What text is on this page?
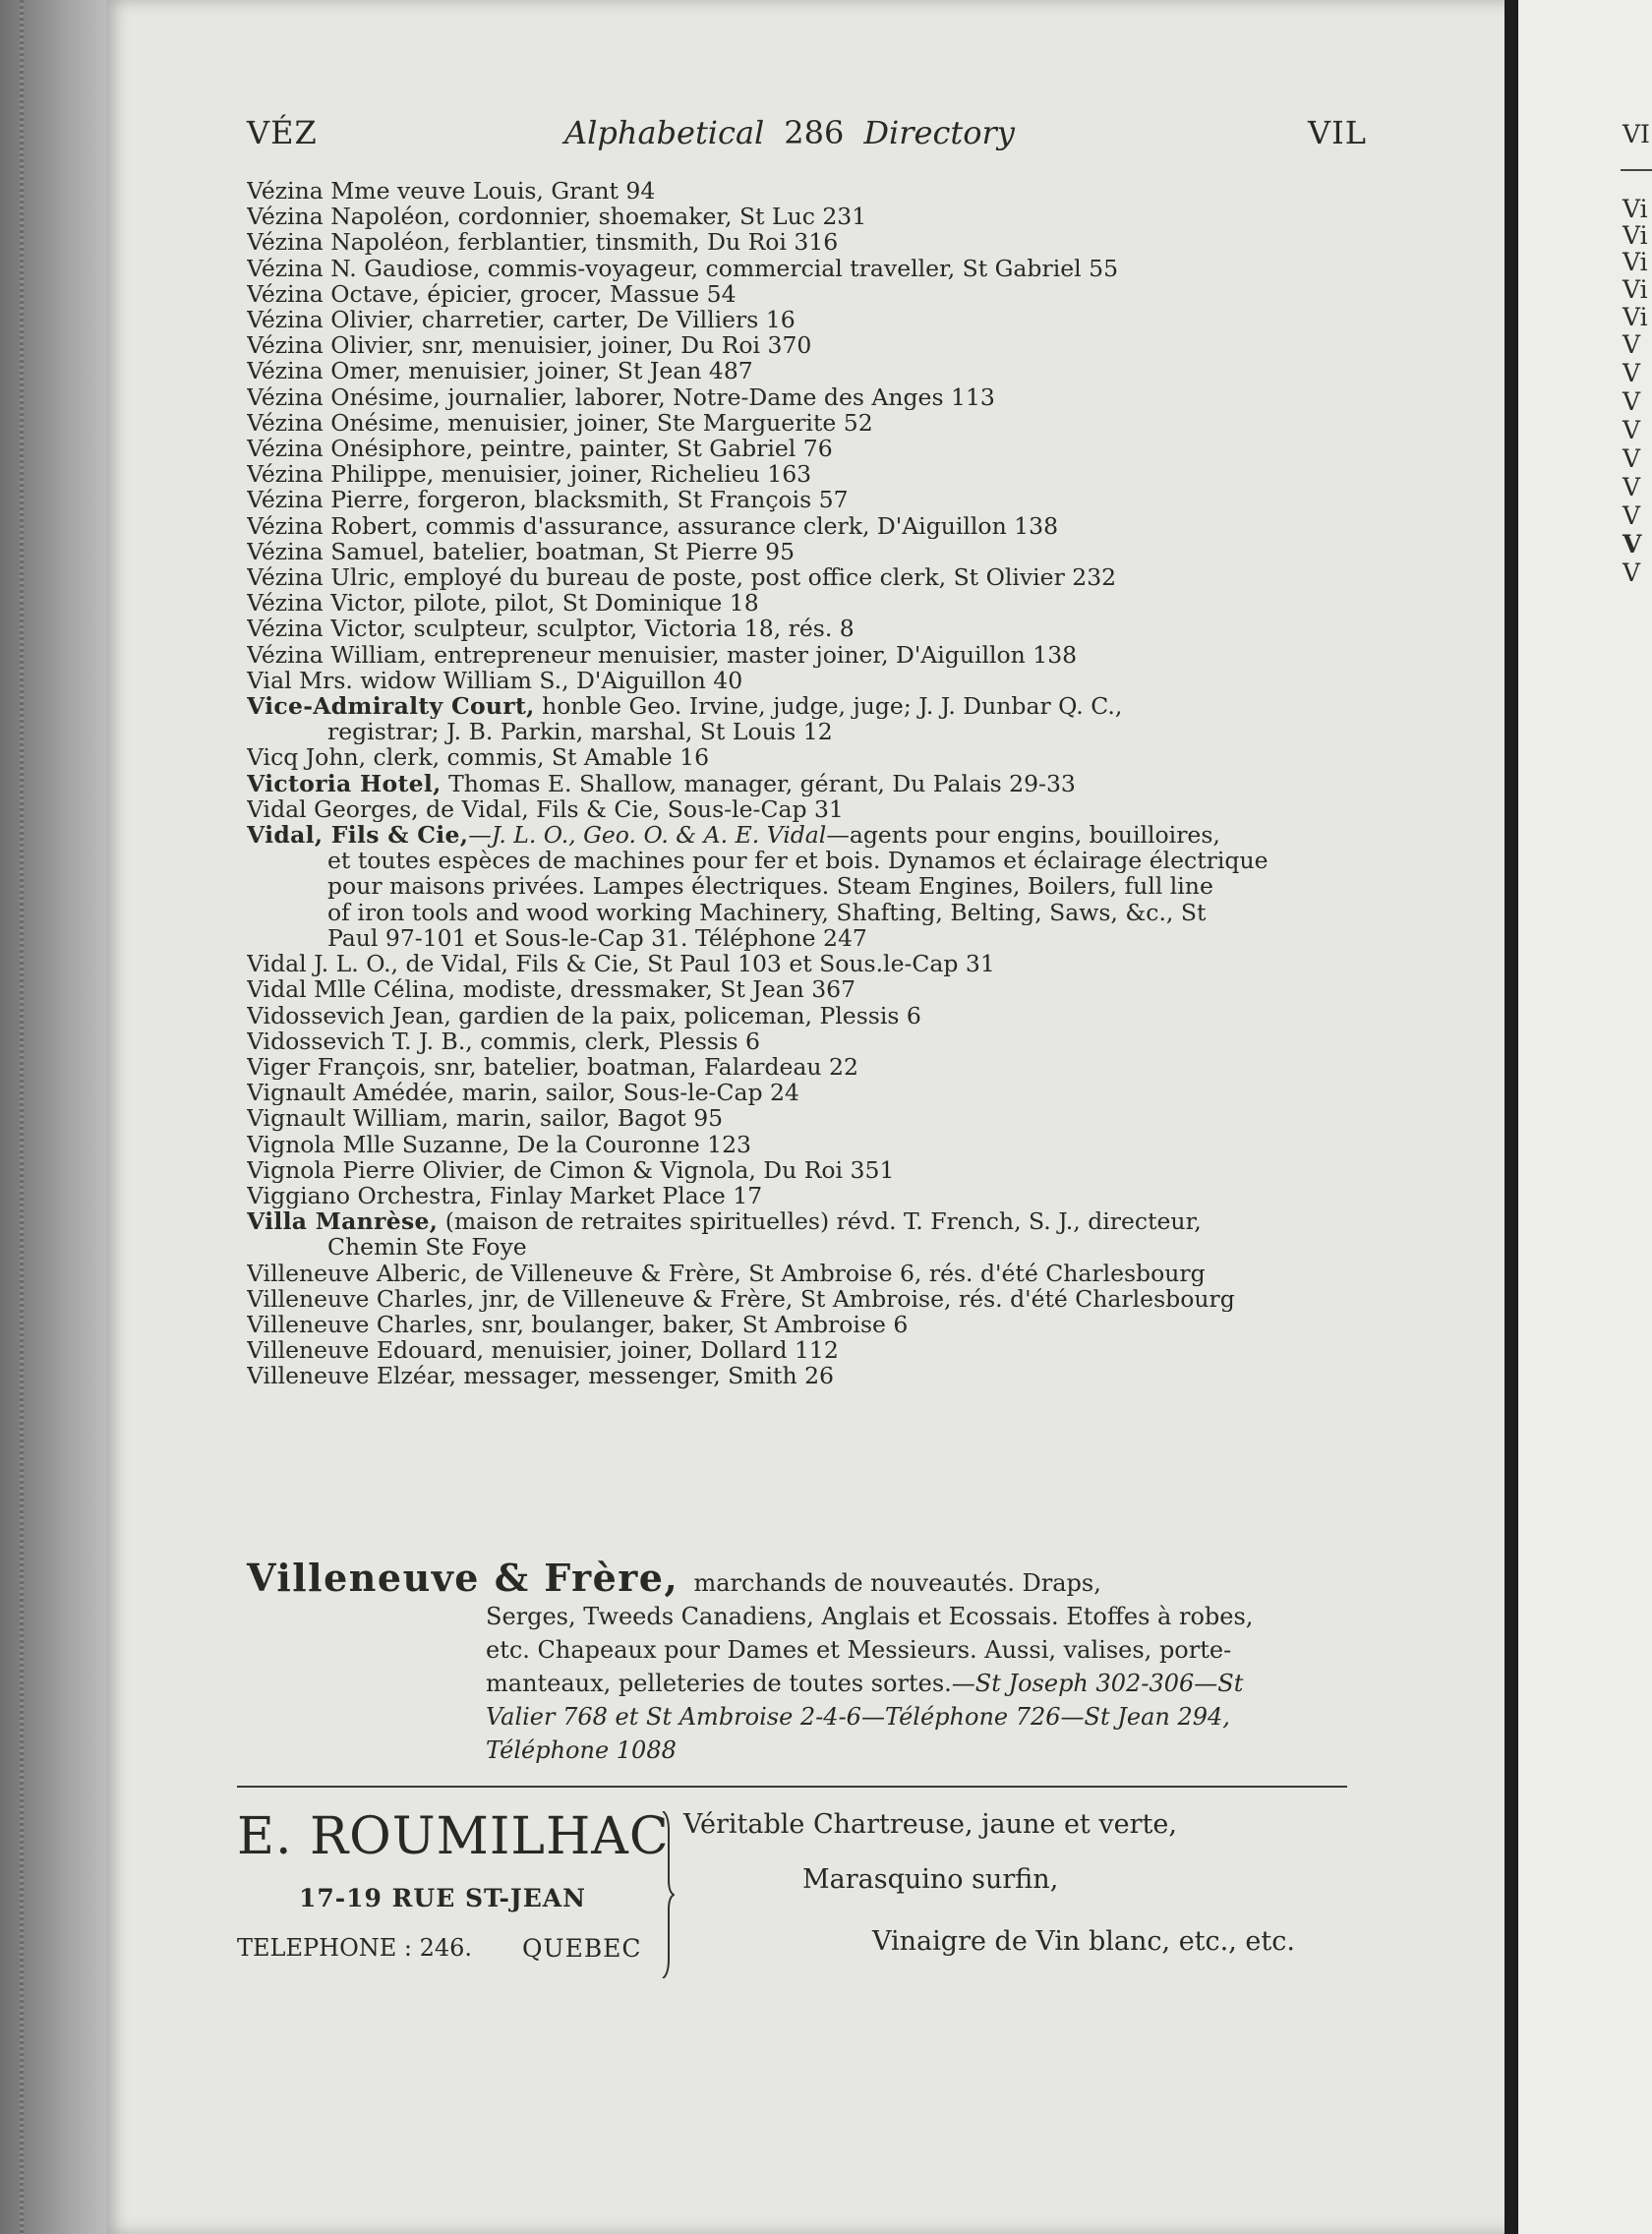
VI
Vi
Vi
Vi
Vi
Vi
V
V
V
V
V
V
V
V
V
VÉZ	Alphabetical 286 Directory	VIL
Vézina Mme veuve Louis, Grant 94
Vézina Napoléon, cordonnier, shoemaker, St Luc 231
Vézina Napoléon, ferblantier, tinsmith, Du Roi 316
Vézina N. Gaudiose, commis-voyageur, commercial traveller, St Gabriel 55
Vézina Octave, épicier, grocer, Massue 54
Vézina Olivier, charretier, carter, De Villiers 16
Vézina Olivier, snr, menuisier, joiner, Du Roi 370
Vézina Omer, menuisier, joiner, St Jean 487
Vézina Onésime, journalier, laborer, Notre-Dame des Anges 113
Vézina Onésime, menuisier, joiner, Ste Marguerite 52
Vézina Onésiphore, peintre, painter, St Gabriel 76
Vézina Philippe, menuisier, joiner, Richelieu 163
Vézina Pierre, forgeron, blacksmith, St François 57
Vézina Robert, commis d'assurance, assurance clerk, D'Aiguillon 138
Vézina Samuel, batelier, boatman, St Pierre 95
Vézina Ulric, employé du bureau de poste, post office clerk, St Olivier 232
Vézina Victor, pilote, pilot, St Dominique 18
Vézina Victor, sculpteur, sculptor, Victoria 18, rés. 8
Vézina William, entrepreneur menuisier, master joiner, D'Aiguillon 138
Vial Mrs. widow William S., D'Aiguillon 40
Vice-Admiralty Court, honble Geo. Irvine, judge, juge; J. J. Dunbar Q. C.,
registrar; J. B. Parkin, marshal, St Louis 12
Vicq John, clerk, commis, St Amable 16
Victoria Hotel, Thomas E. Shallow, manager, gérant, Du Palais 29-33
Vidal Georges, de Vidal, Fils & Cie, Sous-le-Cap 31
Vidal, Fils & Cie,—J. L. O., Geo. O. & A. E. Vidal—agents pour engins, bouilloires,
et toutes espèces de machines pour fer et bois. Dynamos et éclairage électrique
pour maisons privées. Lampes électriques. Steam Engines, Boilers, full line
of iron tools and wood working Machinery, Shafting, Belting, Saws, &c., St
Paul 97-101 et Sous-le-Cap 31. Téléphone 247
Vidal J. L. O., de Vidal, Fils & Cie, St Paul 103 et Sous.le-Cap 31
Vidal Mlle Célina, modiste, dressmaker, St Jean 367
Vidossevich Jean, gardien de la paix, policeman, Plessis 6
Vidossevich T. J. B., commis, clerk, Plessis 6
Viger François, snr, batelier, boatman, Falardeau 22
Vignault Amédée, marin, sailor, Sous-le-Cap 24
Vignault William, marin, sailor, Bagot 95
Vignola Mlle Suzanne, De la Couronne 123
Vignola Pierre Olivier, de Cimon & Vignola, Du Roi 351
Viggiano Orchestra, Finlay Market Place 17
Villa Manrèse, (maison de retraites spirituelles) révd. T. French, S. J., directeur,
Chemin Ste Foye
Villeneuve Alberic, de Villeneuve & Frère, St Ambroise 6, rés. d'été Charlesbourg
Villeneuve Charles, jnr, de Villeneuve & Frère, St Ambroise, rés. d'été Charlesbourg
Villeneuve Charles, snr, boulanger, baker, St Ambroise 6
Villeneuve Edouard, menuisier, joiner, Dollard 112
Villeneuve Elzéar, messager, messenger, Smith 26
Villeneuve & Frère, marchands de nouveautés. Draps,
Serges, Tweeds Canadiens, Anglais et Ecossais. Etoffes à robes,
etc. Chapeaux pour Dames et Messieurs. Aussi, valises, porte-
manteaux, pelleteries de toutes sortes.—St Joseph 302-306—St
Valier 768 et St Ambroise 2-4-6—Téléphone 726—St Jean 294,
Téléphone 1088
E. ROUMILHAC
17-19 RUE ST-JEAN
TELEPHONE : 246. QUEBEC
Véritable Chartreuse, jaune et verte,
Marasquino surfin,
Vinaigre de Vin blanc, etc., etc.
